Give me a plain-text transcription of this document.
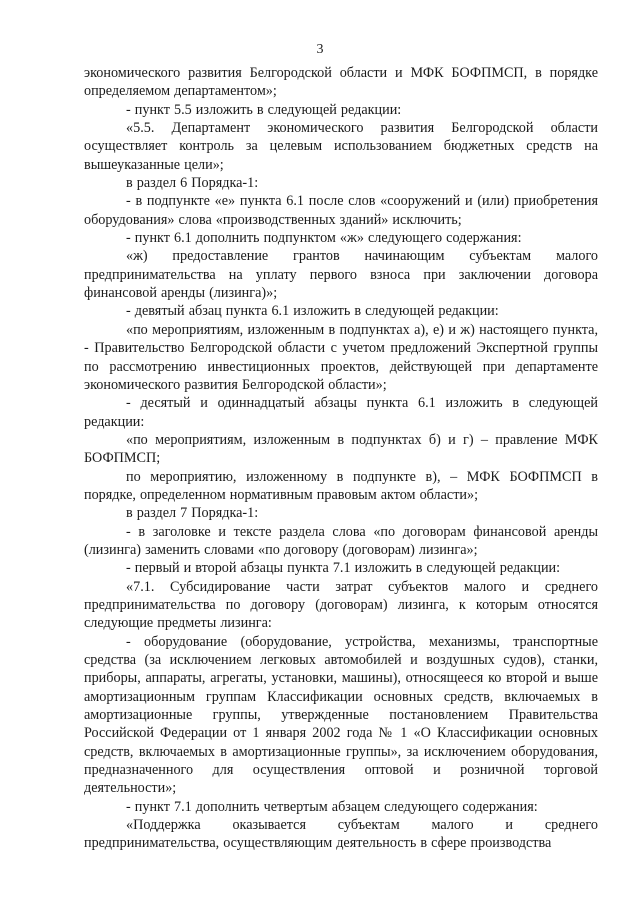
3

экономического развития Белгородской области и МФК БОФПМСП, в порядке определяемом департаментом»;

- пункт 5.5 изложить в следующей редакции:

«5.5. Департамент экономического развития Белгородской области осуществляет контроль за целевым использованием бюджетных средств на вышеуказанные цели»;

в раздел 6 Порядка-1:

- в подпункте «е» пункта 6.1 после слов «сооружений и (или) приобретения оборудования» слова «производственных зданий» исключить;

- пункт 6.1 дополнить подпунктом «ж» следующего содержания:

«ж) предоставление грантов начинающим субъектам малого предпринимательства на уплату первого взноса при заключении договора финансовой аренды (лизинга)»;

- девятый абзац пункта 6.1 изложить в следующей редакции:

«по мероприятиям, изложенным в подпунктах а), е) и ж) настоящего пункта, - Правительство Белгородской области с учетом предложений Экспертной группы по рассмотрению инвестиционных проектов, действующей при департаменте экономического развития Белгородской области»;

- десятый и одиннадцатый абзацы пункта 6.1 изложить в следующей редакции:

«по мероприятиям, изложенным в подпунктах б) и г) – правление МФК БОФПМСП;

по мероприятию, изложенному в подпункте в), – МФК БОФПМСП в порядке, определенном нормативным правовым актом области»;

в раздел 7 Порядка-1:

- в заголовке и тексте раздела слова «по договорам финансовой аренды (лизинга) заменить словами «по договору (договорам) лизинга»;

- первый и второй абзацы пункта 7.1 изложить в следующей редакции:

«7.1. Субсидирование части затрат субъектов малого и среднего предпринимательства по договору (договорам) лизинга, к которым относятся следующие предметы лизинга:

- оборудование (оборудование, устройства, механизмы, транспортные средства (за исключением легковых автомобилей и воздушных судов), станки, приборы, аппараты, агрегаты, установки, машины), относящееся ко второй и выше амортизационным группам Классификации основных средств, включаемых в амортизационные группы, утвержденные постановлением Правительства Российской Федерации от 1 января 2002 года № 1 «О Классификации основных средств, включаемых в амортизационные группы», за исключением оборудования, предназначенного для осуществления оптовой и розничной торговой деятельности»;

- пункт 7.1 дополнить четвертым абзацем следующего содержания:

«Поддержка оказывается субъектам малого и среднего предпринимательства, осуществляющим деятельность в сфере производства
